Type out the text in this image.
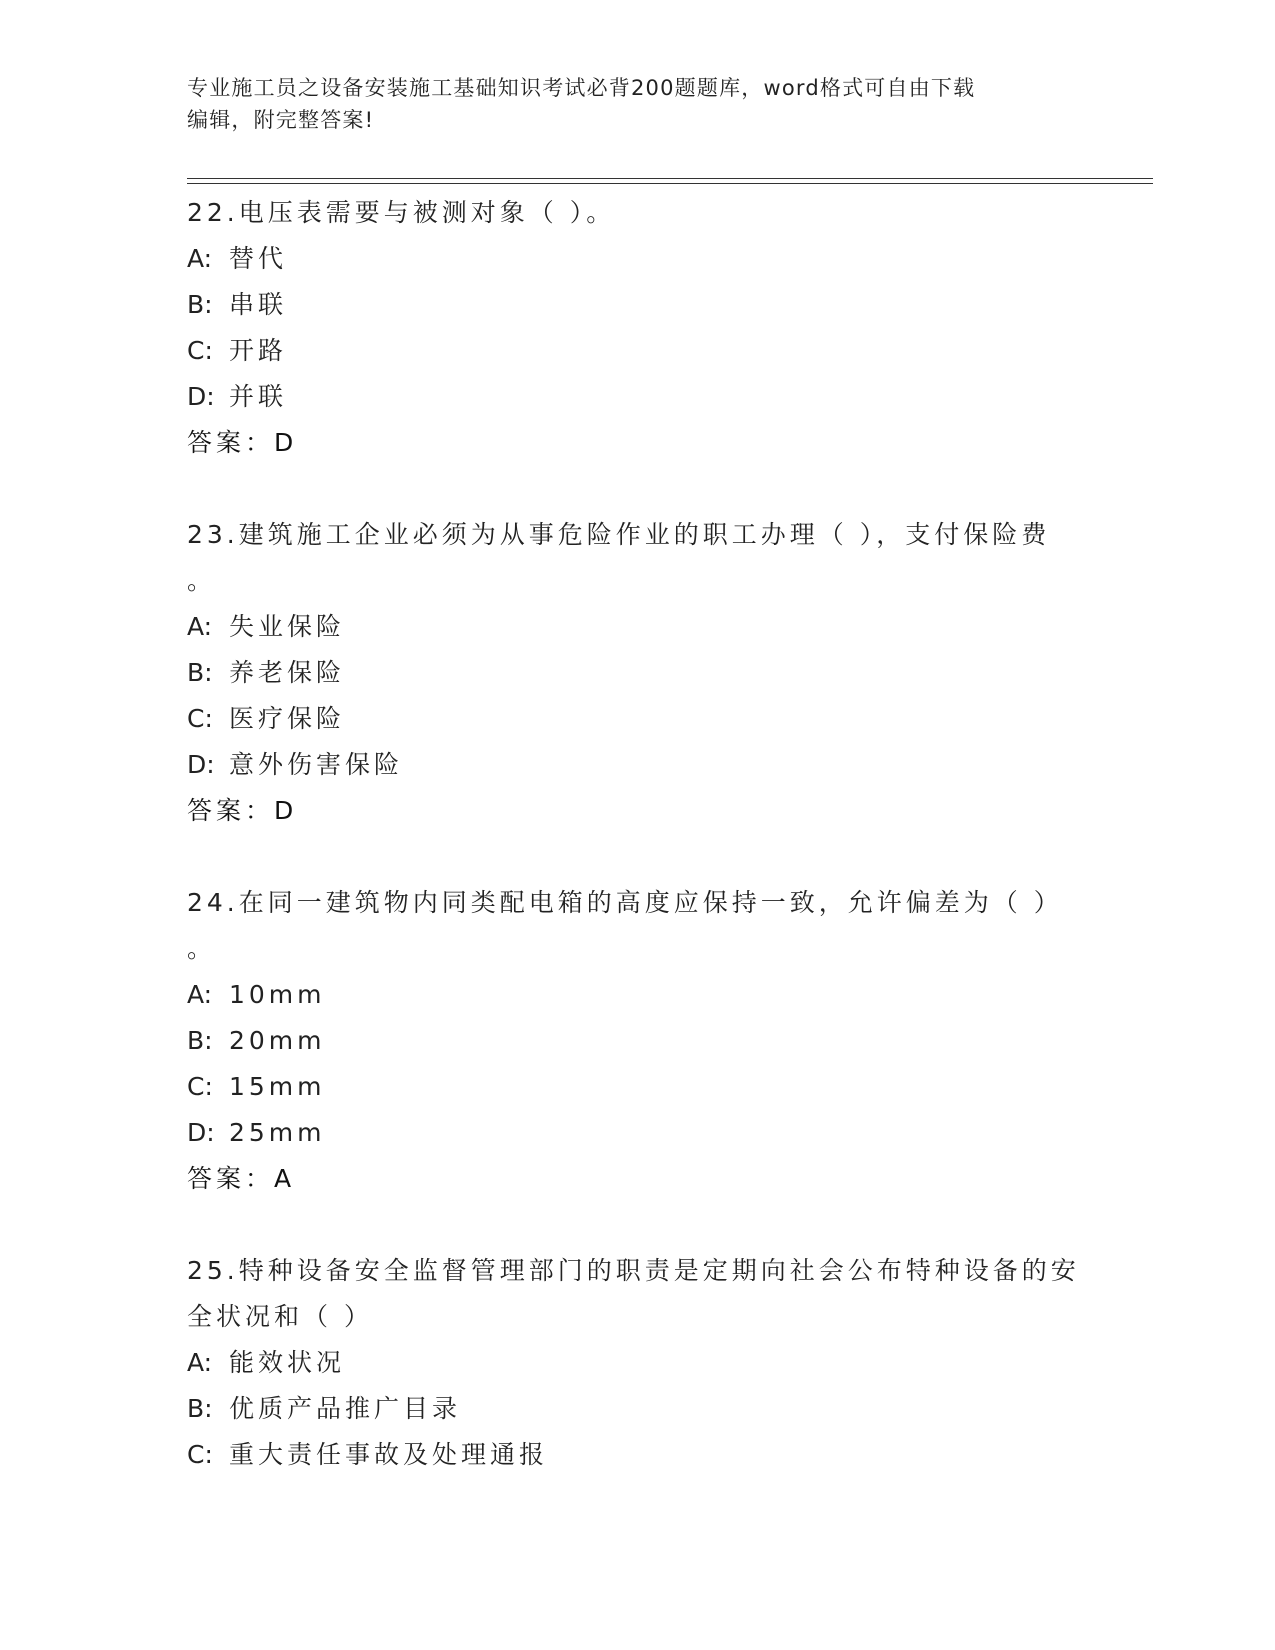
专业施工员之设备安装施工基础知识考试必背200题题库，word格式可自由下载
编辑，附完整答案!
22.电压表需要与被测对象（ ）。
A: 替代
B: 串联
C: 开路
D: 并联
答案：D
23.建筑施工企业必须为从事危险作业的职工办理（ ），支付保险费
。
A: 失业保险
B: 养老保险
C: 医疗保险
D: 意外伤害保险
答案：D
24.在同一建筑物内同类配电箱的高度应保持一致，允许偏差为（ ）
。
A: 10mm
B: 20mm
C: 15mm
D: 25mm
答案：A
25.特种设备安全监督管理部门的职责是定期向社会公布特种设备的安
全状况和（ ）
A: 能效状况
B: 优质产品推广目录
C: 重大责任事故及处理通报
